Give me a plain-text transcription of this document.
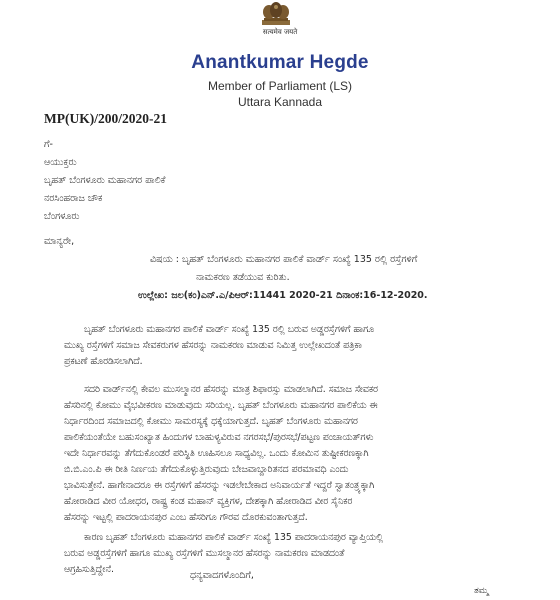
सत्यमेव जयते
Anantkumar Hegde
Member of Parliament (LS)
Uttara Kannada
MP(UK)/200/2020-21
ಗೆ-
ಆಯುಕ್ತರು
ಬೃಹತ್ ಬೆಂಗಳೂರು ಮಹಾನಗರ ಪಾಲಿಕೆ
ನರಸಿಂಹರಾಜ ಚೌಕ
ಬೆಂಗಳೂರು
ಮಾನ್ಯರೇ,
ವಿಷಯ : ಬೃಹತ್ ಬೆಂಗಳೂರು ಮಹಾನಗರ ಪಾಲಿಕೆ ವಾರ್ಡ್ ಸಂಖ್ಯೆ 135 ರಲ್ಲಿ ರಸ್ತೆಗಳಿಗೆ
ನಾಮಕರಣ ತಡೆಯುವ ಕುರಿತು.
ಉಲ್ಲೇಖ: ಜಲ(ಕಂ)ಎನ್.ಎ/ಪಿಆರ್:11441 2020-21 ದಿನಾಂಕ:16-12-2020.
ಬೃಹತ್ ಬೆಂಗಳೂರು ಮಹಾನಗರ ಪಾಲಿಕೆ ವಾರ್ಡ್ ಸಂಖ್ಯೆ 135 ರಲ್ಲಿ ಬರುವ ಅಡ್ಡರಸ್ತೆಗಳಿಗೆ ಹಾಗೂ
ಮುಖ್ಯ ರಸ್ತೆಗಳಿಗೆ ಸಮಾಜ ಸೇವಕರುಗಳ ಹೆಸರನ್ನು ನಾಮಕರಣ ಮಾಡುವ ನಿಮಿತ್ತ ಉಲ್ಲೇಖದಂತೆ ಪತ್ರಿಕಾ
ಪ್ರಕಟಣೆ ಹೊರಡಿಸಲಾಗಿದೆ.
ಸದರಿ ವಾರ್ಡ್‌ನಲ್ಲಿ ಕೇವಲ ಮುಸಲ್ಮಾನರ ಹೆಸರನ್ನು ಮಾತ್ರ ಶಿಫಾರಸ್ಸು ಮಾಡಲಾಗಿದೆ. ಸಮಾಜ ಸೇವಕರ
ಹೆಸರಿನಲ್ಲಿ ಕೋಮು ವೈಭವೀಕರಣ ಮಾಡುವುದು ಸರಿಯಲ್ಲ. ಬೃಹತ್ ಬೆಂಗಳೂರು ಮಹಾನಗರ ಪಾಲಿಕೆಯ ಈ
ನಿರ್ಧಾರದಿಂದ ಸಮಾಜದಲ್ಲಿ ಕೋಮು ಸಾಮರಸ್ಯಕ್ಕೆ ಧಕ್ಕೆಯಾಗುತ್ತದೆ. ಬೃಹತ್ ಬೆಂಗಳೂರು ಮಹಾನಗರ
ಪಾಲಿಕೆಯಂತೆಯೇ ಬಹುಸಂಖ್ಯಾತ ಹಿಂದುಗಳ ಬಾಹುಳ್ಯವಿರುವ ನಗರಸಭೆ/ಪುರಸಭೆ/ಪಟ್ಟಣ ಪಂಚಾಯತ್‌ಗಳು
ಇದೇ ನಿರ್ಧಾರವನ್ನು ತೆಗೆದುಕೊಂಡರೆ ಪರಿಸ್ಥಿತಿ ಊಹಿಸಲೂ ಸಾಧ್ಯವಿಲ್ಲ. ಒಂದು ಕೋಮಿನ ತುಷ್ಟೀಕರಣಕ್ಕಾಗಿ
ಬಿ.ಬಿ.ಎಂ.ಪಿ ಈ ರೀತಿ ನಿರ್ಣಯ ತೆಗೆದುಕೊಳ್ಳುತ್ತಿರುವುದು ಬೇಜವಾಬ್ದಾರಿತನದ ಪರಮಾವಧಿ ಎಂದು
ಭಾವಿಸುತ್ತೇನೆ. ಹಾಗೇನಾದರೂ ಈ ರಸ್ತೆಗಳಿಗೆ ಹೆಸರನ್ನು ಇಡಲೇಬೇಕಾದ ಅನಿವಾರ್ಯತೆ ಇದ್ದರೆ ಸ್ವಾತಂತ್ರ್ಯಕ್ಕಾಗಿ
ಹೋರಾಡಿದ ವೀರ ಯೋಧರ, ರಾಷ್ಟ್ರ ಕಂಡ ಮಹಾನ್ ವ್ಯಕ್ತಿಗಳ, ದೇಶಕ್ಕಾಗಿ ಹೋರಾಡಿದ ವೀರ ಸೈನಿಕರ
ಹೆಸರನ್ನು ಇಟ್ಟಲ್ಲಿ ಪಾದರಾಯನಪುರ ಎಂಬ ಹೆಸರಿಗೂ ಗೌರವ ದೊರಕುವಂತಾಗುತ್ತದೆ.
ಕಾರಣ ಬೃಹತ್ ಬೆಂಗಳೂರು ಮಹಾನಗರ ಪಾಲಿಕೆ ವಾರ್ಡ್ ಸಂಖ್ಯೆ 135 ಪಾದರಾಯನಪುರ ವ್ಯಾಪ್ತಿಯಲ್ಲಿ
ಬರುವ ಅಡ್ಡರಸ್ತೆಗಳಿಗೆ ಹಾಗೂ ಮುಖ್ಯ ರಸ್ತೆಗಳಿಗೆ ಮುಸಲ್ಮಾನರ ಹೆಸರನ್ನು ನಾಮಕರಣ ಮಾಡದಂತೆ
ಆಗ್ರಹಿಸುತ್ತಿದ್ದೇನೆ.
ಧನ್ಯವಾದಗಳೊಂದಿಗೆ,
ತಮ್ಮ
